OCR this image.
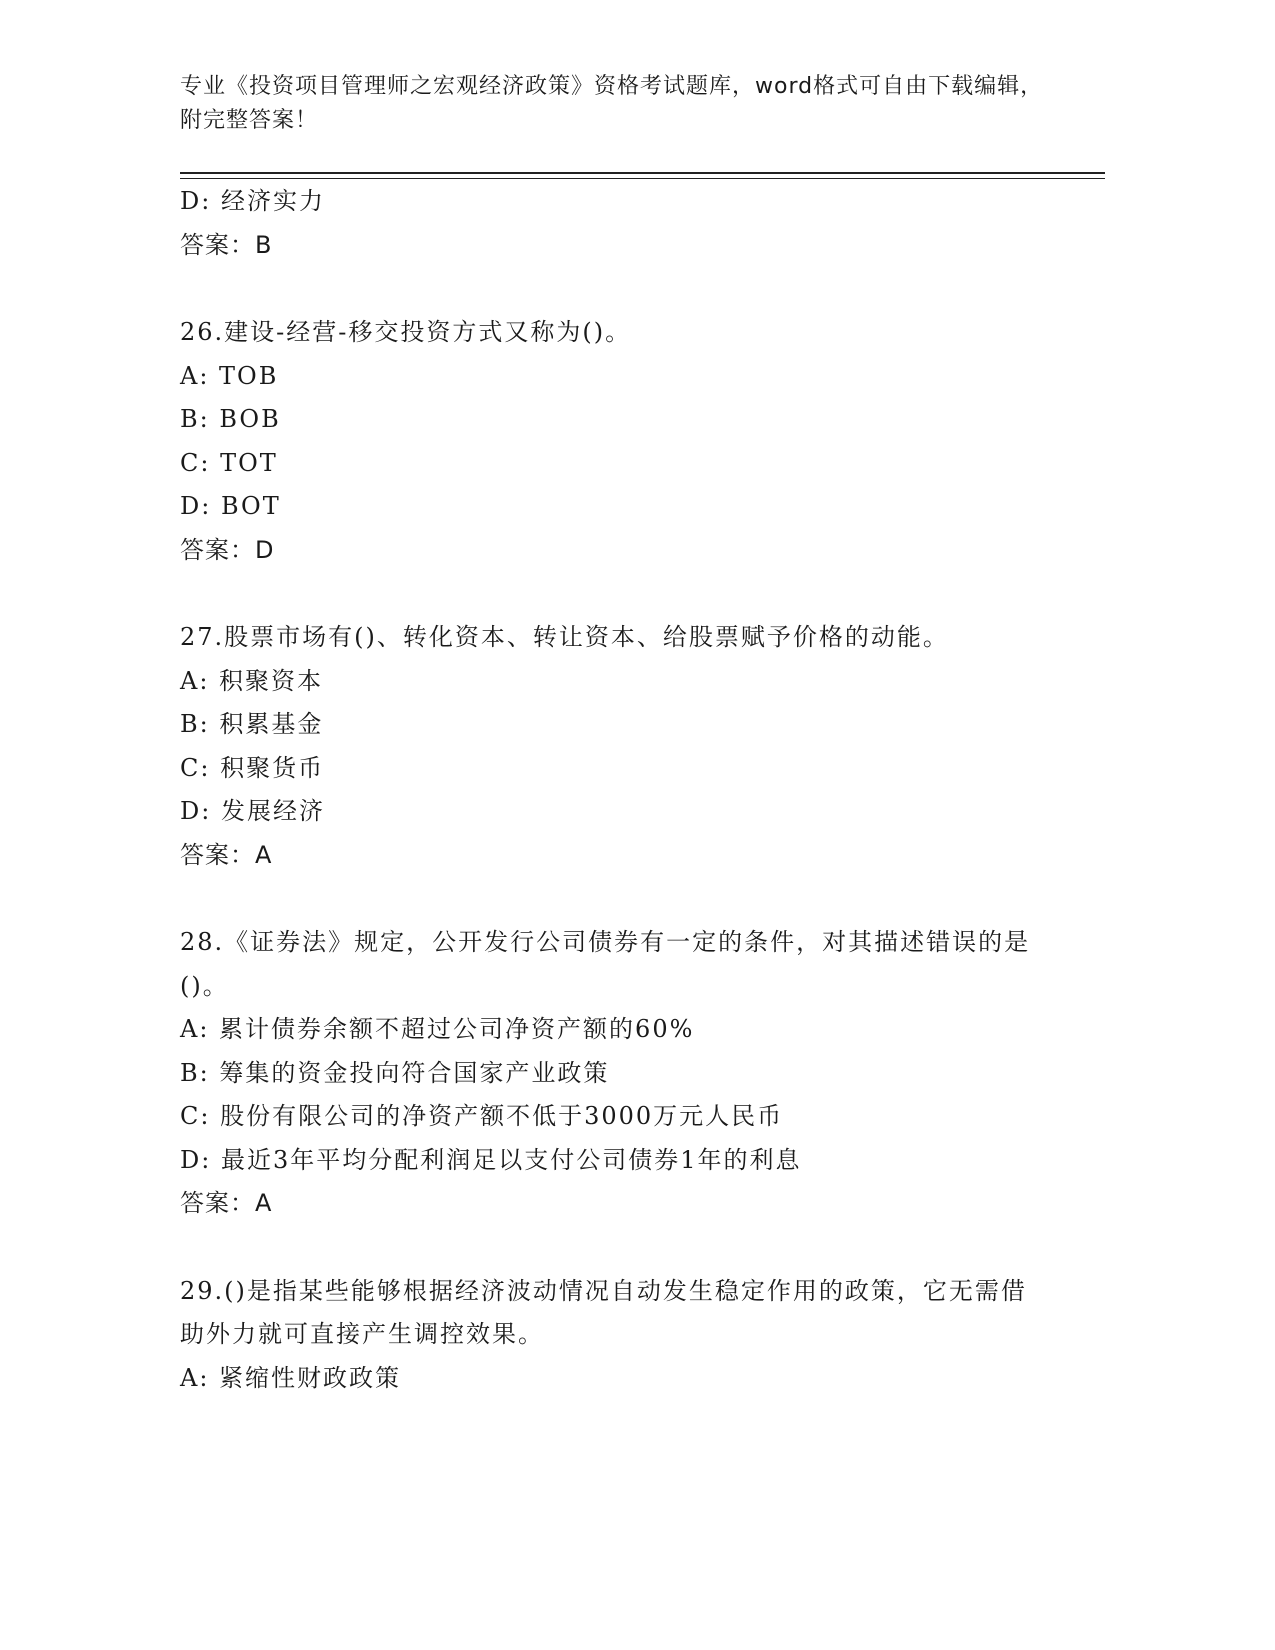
专业《投资项目管理师之宏观经济政策》资格考试题库，word格式可自由下载编辑，附完整答案！
D: 经济实力
答案：B
26.建设-经营-移交投资方式又称为()。
A: TOB
B: BOB
C: TOT
D: BOT
答案：D
27.股票市场有()、转化资本、转让资本、给股票赋予价格的动能。
A: 积聚资本
B: 积累基金
C: 积聚货币
D: 发展经济
答案：A
28.《证券法》规定，公开发行公司债券有一定的条件，对其描述错误的是()。
A: 累计债券余额不超过公司净资产额的60%
B: 筹集的资金投向符合国家产业政策
C: 股份有限公司的净资产额不低于3000万元人民币
D: 最近3年平均分配利润足以支付公司债券1年的利息
答案：A
29.()是指某些能够根据经济波动情况自动发生稳定作用的政策，它无需借助外力就可直接产生调控效果。
A: 紧缩性财政政策
